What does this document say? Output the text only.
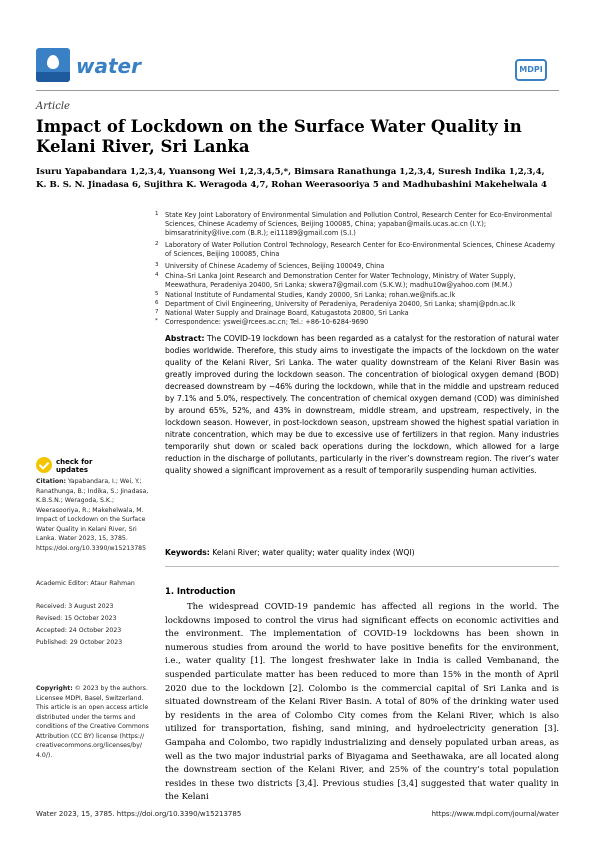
water	MDPI
Article
Impact of Lockdown on the Surface Water Quality in Kelani River, Sri Lanka
Isuru Yapabandara 1,2,3,4, Yuansong Wei 1,2,3,4,5,*, Bimsara Ranathunga 1,2,3,4, Suresh Indika 1,2,3,4,
K. B. S. N. Jinadasa 6, Sujithra K. Weragoda 4,7, Rohan Weerasooriya 5 and Madhubashini Makehelwala 4
1 State Key Joint Laboratory of Environmental Simulation and Pollution Control, Research Center for Eco-Environmental Sciences, Chinese Academy of Sciences, Beijing 100085, China; yapaban@mails.ucas.ac.cn (I.Y.); bimsaratrinity@live.com (B.R.); ei11189@gmail.com (S.I.)
2 Laboratory of Water Pollution Control Technology, Research Center for Eco-Environmental Sciences, Chinese Academy of Sciences, Beijing 100085, China
3 University of Chinese Academy of Sciences, Beijing 100049, China
4 China–Sri Lanka Joint Research and Demonstration Center for Water Technology, Ministry of Water Supply, Meewathura, Peradeniya 20400, Sri Lanka; skwera7@gmail.com (S.K.W.); madhu10w@yahoo.com (M.M.)
Abstract: The COVID-19 lockdown has been regarded as a catalyst for the restoration of natural water bodies worldwide. Therefore, this study aims to investigate the impacts of the lockdown on the water quality of the Kelani River, Sri Lanka. The water quality downstream of the Kelani River Basin was greatly improved during the lockdown season. The concentration of biological oxygen demand (BOD) decreased downstream by ~46% during the lockdown, while that in the middle and upstream reduced by 7.1% and 5.0%, respectively. The concentration of chemical oxygen demand (COD) was diminished by around 65%, 52%, and 43% in downstream, middle stream, and upstream, respectively, in the lockdown season. However, in post-lockdown season, upstream showed the highest spatial variation in nitrate concentration, which may be due to excessive use of fertilizers in that region. Many industries temporarily shut down or scaled back operations during the lockdown, which allowed for a large reduction in the discharge of pollutants, particularly in the river’s downstream region. The river’s water quality showed a significant improvement as a result of temporarily suspending human activities.
Keywords: Kelani River; water quality; water quality index (WQI)
check for updates
Citation: Yapabandara, I.; Wei, Y.; Ranathunga, B.; Indika, S.; Jinadasa, K.B.S.N.; Weragoda, S.K.; Weerasooriya, R.; Makehelwala, M. Impact of Lockdown on the Surface Water Quality in Kelani River, Sri Lanka. Water 2023, 15, 3785. https://doi.org/10.3390/w15213785
Academic Editor: Ataur Rahman
Received: 3 August 2023
Revised: 15 October 2023
Accepted: 24 October 2023
Published: 29 October 2023
Copyright: © 2023 by the authors. Licensee MDPI, Basel, Switzerland. This article is an open access article distributed under the terms and conditions of the Creative Commons Attribution (CC BY) license (https:// creativecommons.org/licenses/by/ 4.0/).
1. Introduction

The widespread COVID-19 pandemic has affected all regions in the world. The lockdowns imposed to control the virus had significant effects on economic activities and the environment. The implementation of COVID-19 lockdowns has been shown in numerous studies from around the world to have positive benefits for the environment, i.e., water quality [1]. The longest freshwater lake in India is called Vembanand, the suspended particulate matter has been reduced to more than 15% in the month of April 2020 due to the lockdown [2]. Colombo is the commercial capital of Sri Lanka and is situated downstream of the Kelani River Basin. A total of 80% of the drinking water used by residents in the area of Colombo City comes from the Kelani River, which is also utilized for transportation, fishing, sand mining, and hydroelectricity generation [3]. Gampaha and Colombo, two rapidly industrializing and densely populated urban areas, as well as the two major industrial parks of Biyagama and Seethawaka, are all located along the downstream section of the Kelani River, and 25% of the country’s total population resides in these two districts [3,4]. Previous studies [3,4] suggested that water quality in the Kelani

Water 2023, 15, 3785. https://doi.org/10.3390/w15213785	https://www.mdpi.com/journal/water
5 National Institute of Fundamental Studies, Kandy 20000, Sri Lanka; rohan.we@nifs.ac.lk
6 Department of Civil Engineering, University of Peradeniya, Peradeniya 20400, Sri Lanka; shamj@pdn.ac.lk
7 National Water Supply and Drainage Board, Katugastota 20800, Sri Lanka
* Correspondence: yswei@rcees.ac.cn; Tel.: +86-10-6284-9690
